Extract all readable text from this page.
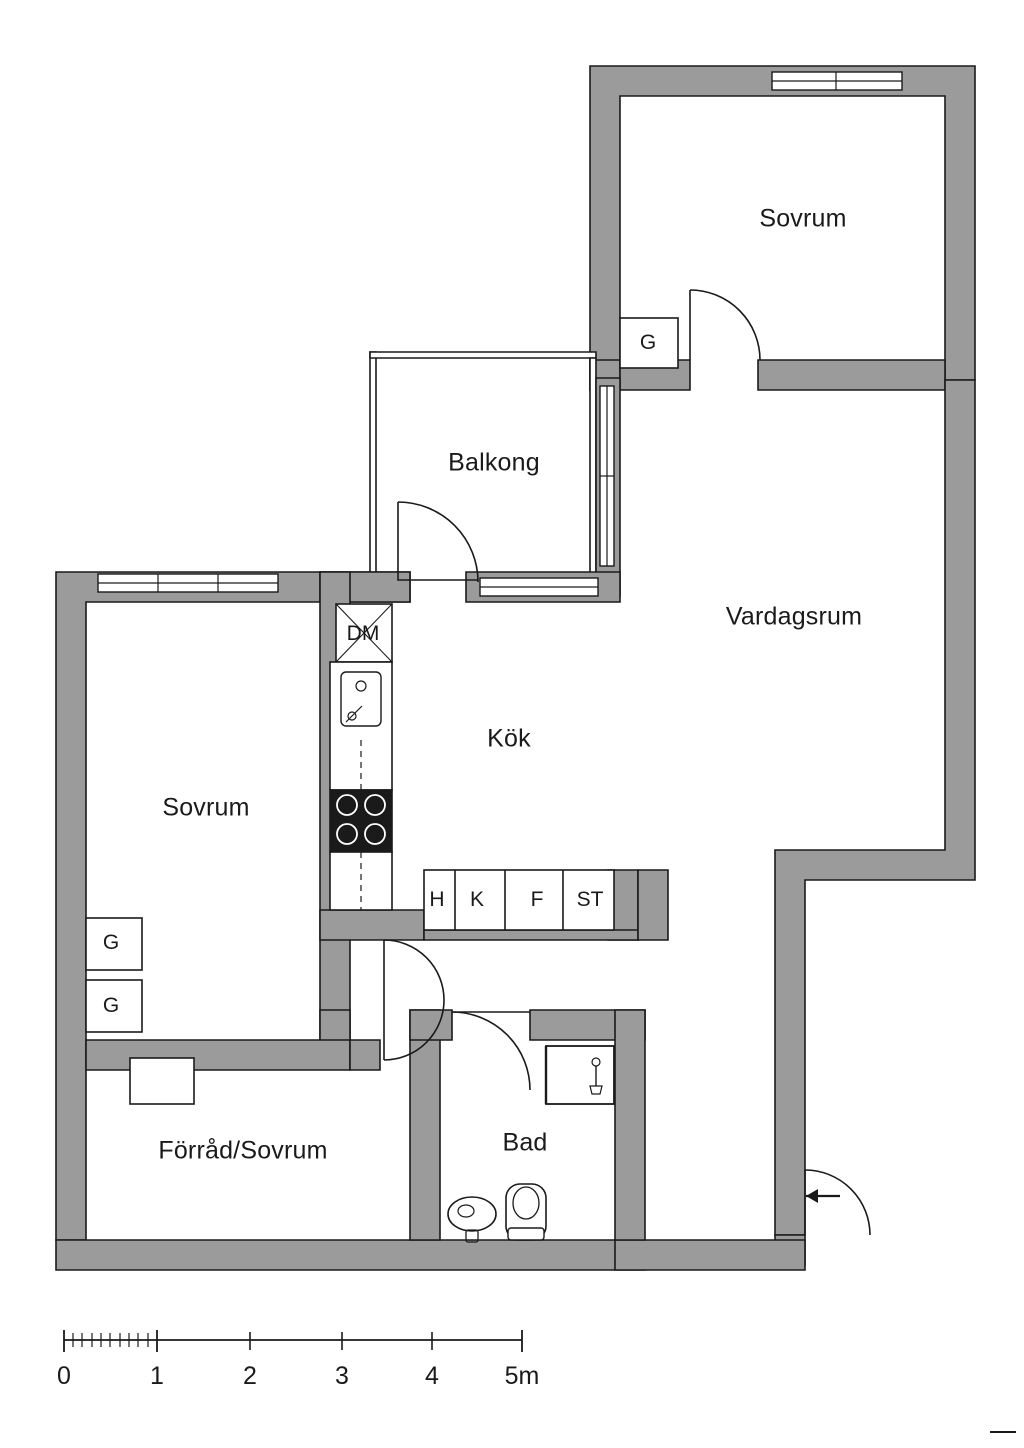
Sovrum
Balkong
Vardagsrum
Kök
Sovrum
Förråd/Sovrum	Bad
G
DM
G
G
H K F ST
0	1	2	3	4	5m
